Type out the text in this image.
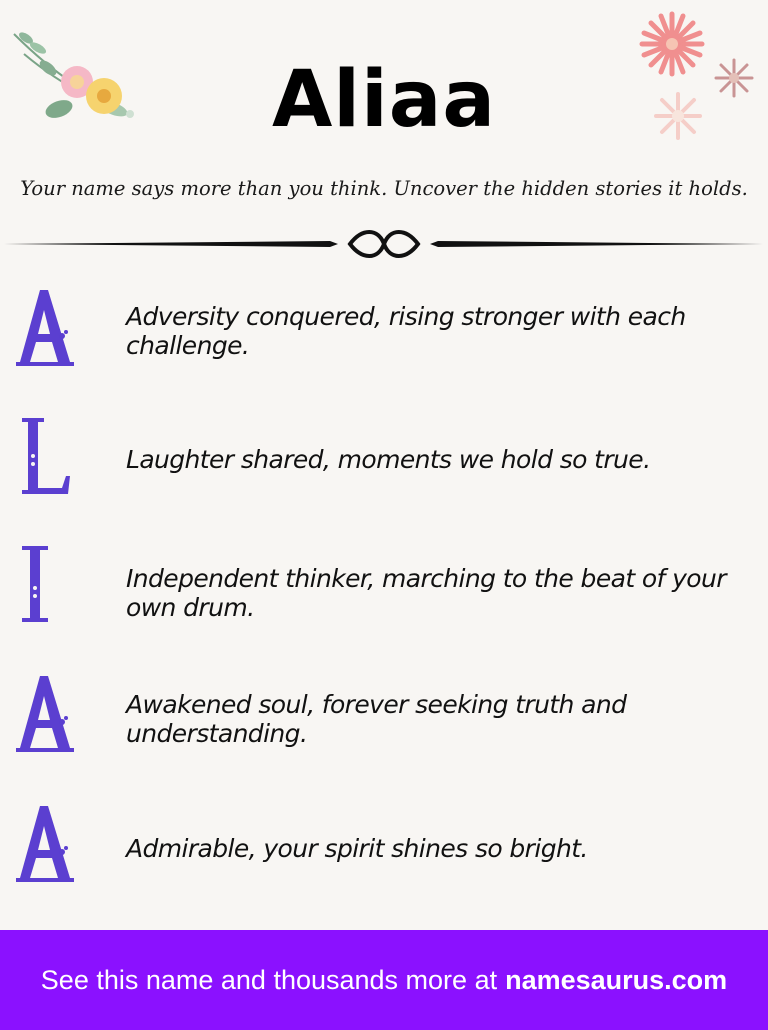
Aliaa
Your name says more than you think. Uncover the hidden stories it holds.
Adversity conquered, rising stronger with each challenge.
Laughter shared, moments we hold so true.
Independent thinker, marching to the beat of your own drum.
Awakened soul, forever seeking truth and understanding.
Admirable, your spirit shines so bright.
See this name and thousands more at namesaurus.com
